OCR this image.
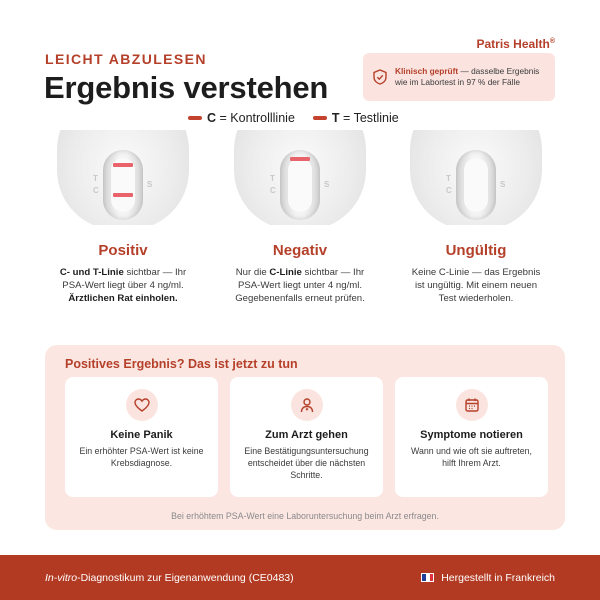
LEICHT ABZULESEN
Ergebnis verstehen
Patris Health®
Klinisch geprüft — dasselbe Ergebnis wie im Labortest in 97 % der Fälle
C = Kontrolllinie	T = Testlinie
T
C
S
Positiv
C- und T-Linie sichtbar — Ihr PSA-Wert liegt über 4 ng/ml. Ärztlichen Rat einholen.
T
C
S
Negativ
Nur die C-Linie sichtbar — Ihr PSA-Wert liegt unter 4 ng/ml. Gegebenenfalls erneut prüfen.
T
C
S
Ungültig
Keine C-Linie — das Ergebnis ist ungültig. Mit einem neuen Test wiederholen.
Positives Ergebnis? Das ist jetzt zu tun
Keine Panik
Ein erhöhter PSA-Wert ist keine Krebsdiagnose.
Zum Arzt gehen
Eine Bestätigungsuntersuchung entscheidet über die nächsten Schritte.
Symptome notieren
Wann und wie oft sie auftreten, hilft Ihrem Arzt.
Bei erhöhtem PSA-Wert eine Laboruntersuchung beim Arzt erfragen.
In-vitro-Diagnostikum zur Eigenanwendung (CE0483)	Hergestellt in Frankreich
